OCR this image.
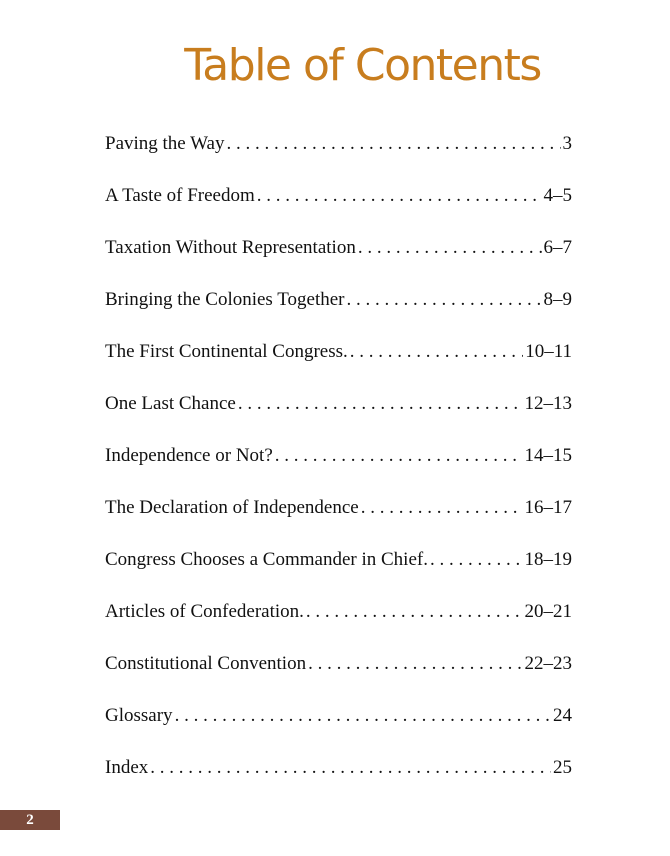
Table of Contents
Paving the Way . . .	3
A Taste of Freedom . . .	4–5
Taxation Without Representation . . .	6–7
Bringing the Colonies Together . . .	8–9
The First Continental Congress. . . .	10–11
One Last Chance . . .	12–13
Independence or Not? . . .	14–15
The Declaration of Independence . . .	16–17
Congress Chooses a Commander in Chief. . . .	18–19
Articles of Confederation. . . .	20–21
Constitutional Convention . . .	22–23
Glossary . . .	24
Index . . .	25
2
